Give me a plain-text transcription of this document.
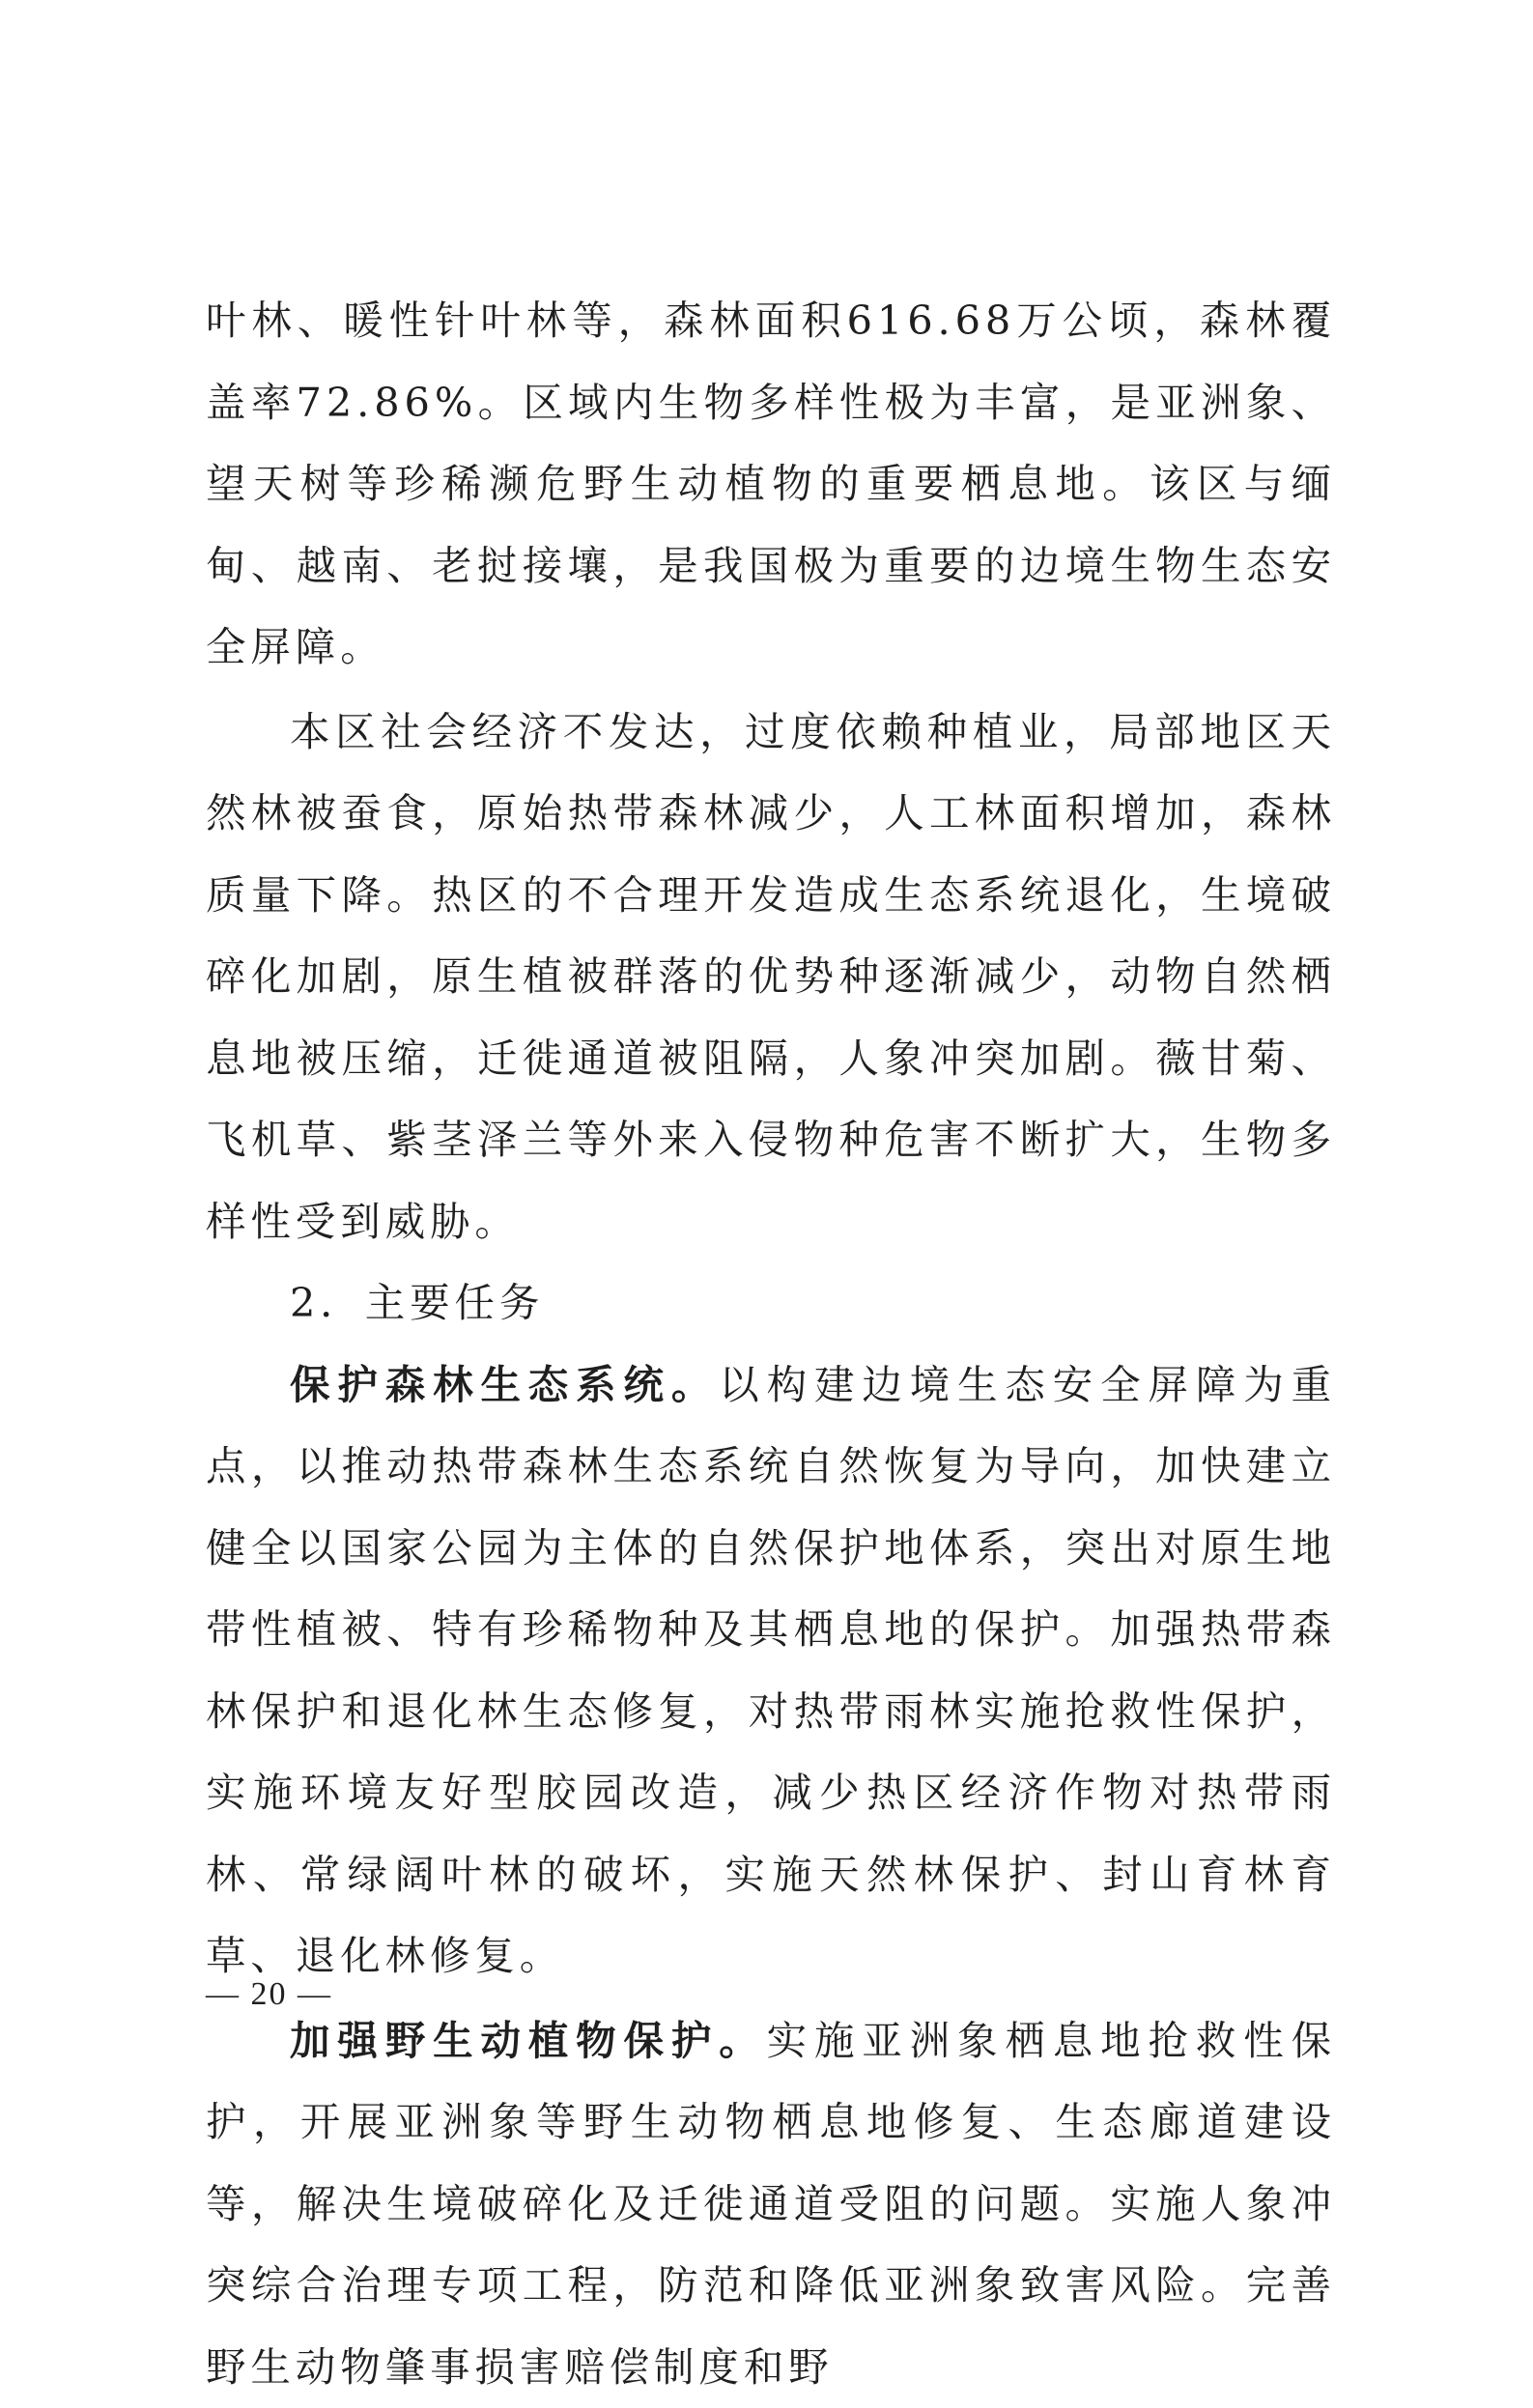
叶林、暖性针叶林等，森林面积616.68万公顷，森林覆盖率72.86%。区域内生物多样性极为丰富，是亚洲象、望天树等珍稀濒危野生动植物的重要栖息地。该区与缅甸、越南、老挝接壤，是我国极为重要的边境生物生态安全屏障。

本区社会经济不发达，过度依赖种植业，局部地区天然林被蚕食，原始热带森林减少，人工林面积增加，森林质量下降。热区的不合理开发造成生态系统退化，生境破碎化加剧，原生植被群落的优势种逐渐减少，动物自然栖息地被压缩，迁徙通道被阻隔，人象冲突加剧。薇甘菊、飞机草、紫茎泽兰等外来入侵物种危害不断扩大，生物多样性受到威胁。

2．主要任务

保护森林生态系统。以构建边境生态安全屏障为重点，以推动热带森林生态系统自然恢复为导向，加快建立健全以国家公园为主体的自然保护地体系，突出对原生地带性植被、特有珍稀物种及其栖息地的保护。加强热带森林保护和退化林生态修复，对热带雨林实施抢救性保护，实施环境友好型胶园改造，减少热区经济作物对热带雨林、常绿阔叶林的破坏，实施天然林保护、封山育林育草、退化林修复。

加强野生动植物保护。实施亚洲象栖息地抢救性保护，开展亚洲象等野生动物栖息地修复、生态廊道建设等，解决生境破碎化及迁徙通道受阻的问题。实施人象冲突综合治理专项工程，防范和降低亚洲象致害风险。完善野生动物肇事损害赔偿制度和野

— 20 —
